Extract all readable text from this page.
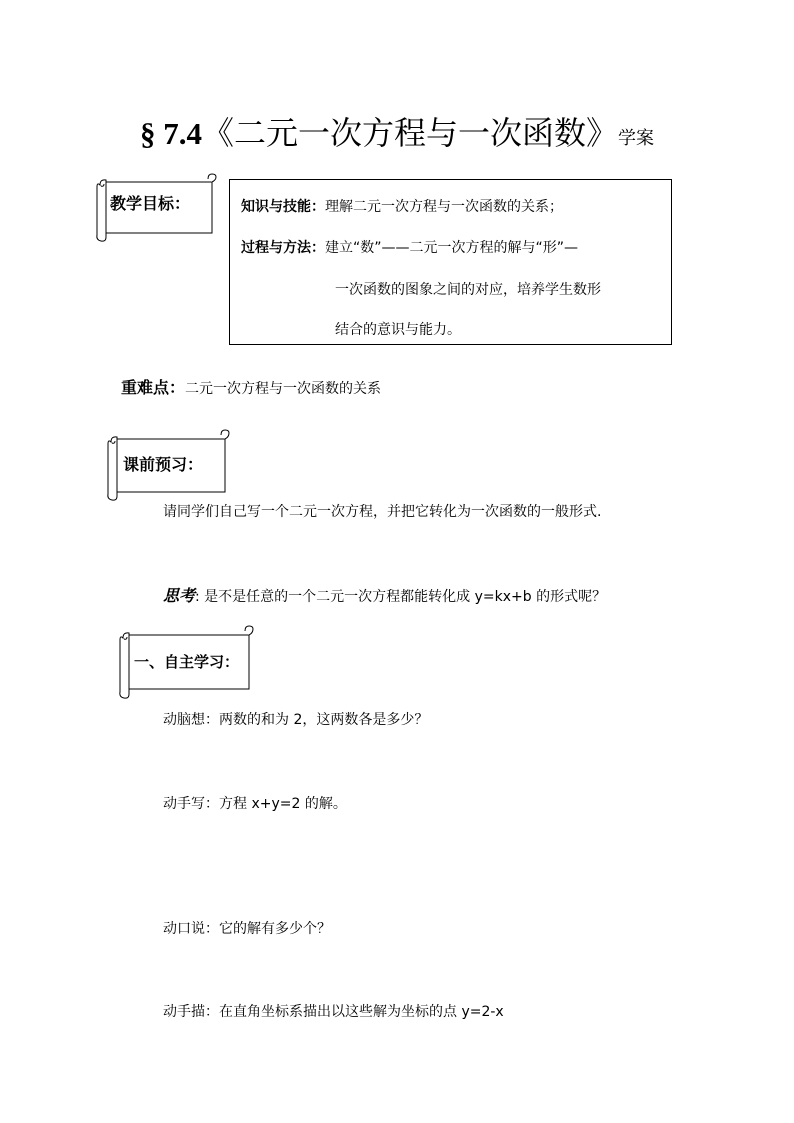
§ 7.4《二元一次方程与一次函数》学案
教学目标：	知识与技能：理解二元一次方程与一次函数的关系；
过程与方法：建立“数”——二元一次方程的解与“形”—
一次函数的图象之间的对应，培养学生数形
结合的意识与能力。
重难点：二元一次方程与一次函数的关系
课前预习：
请同学们自己写一个二元一次方程，并把它转化为一次函数的一般形式.
思考: 是不是任意的一个二元一次方程都能转化成 y=kx+b 的形式呢？
一、自主学习：
动脑想：两数的和为 2，这两数各是多少？
动手写：方程 x+y=2 的解。
动口说：它的解有多少个？
动手描：在直角坐标系描出以这些解为坐标的点 y=2-x
